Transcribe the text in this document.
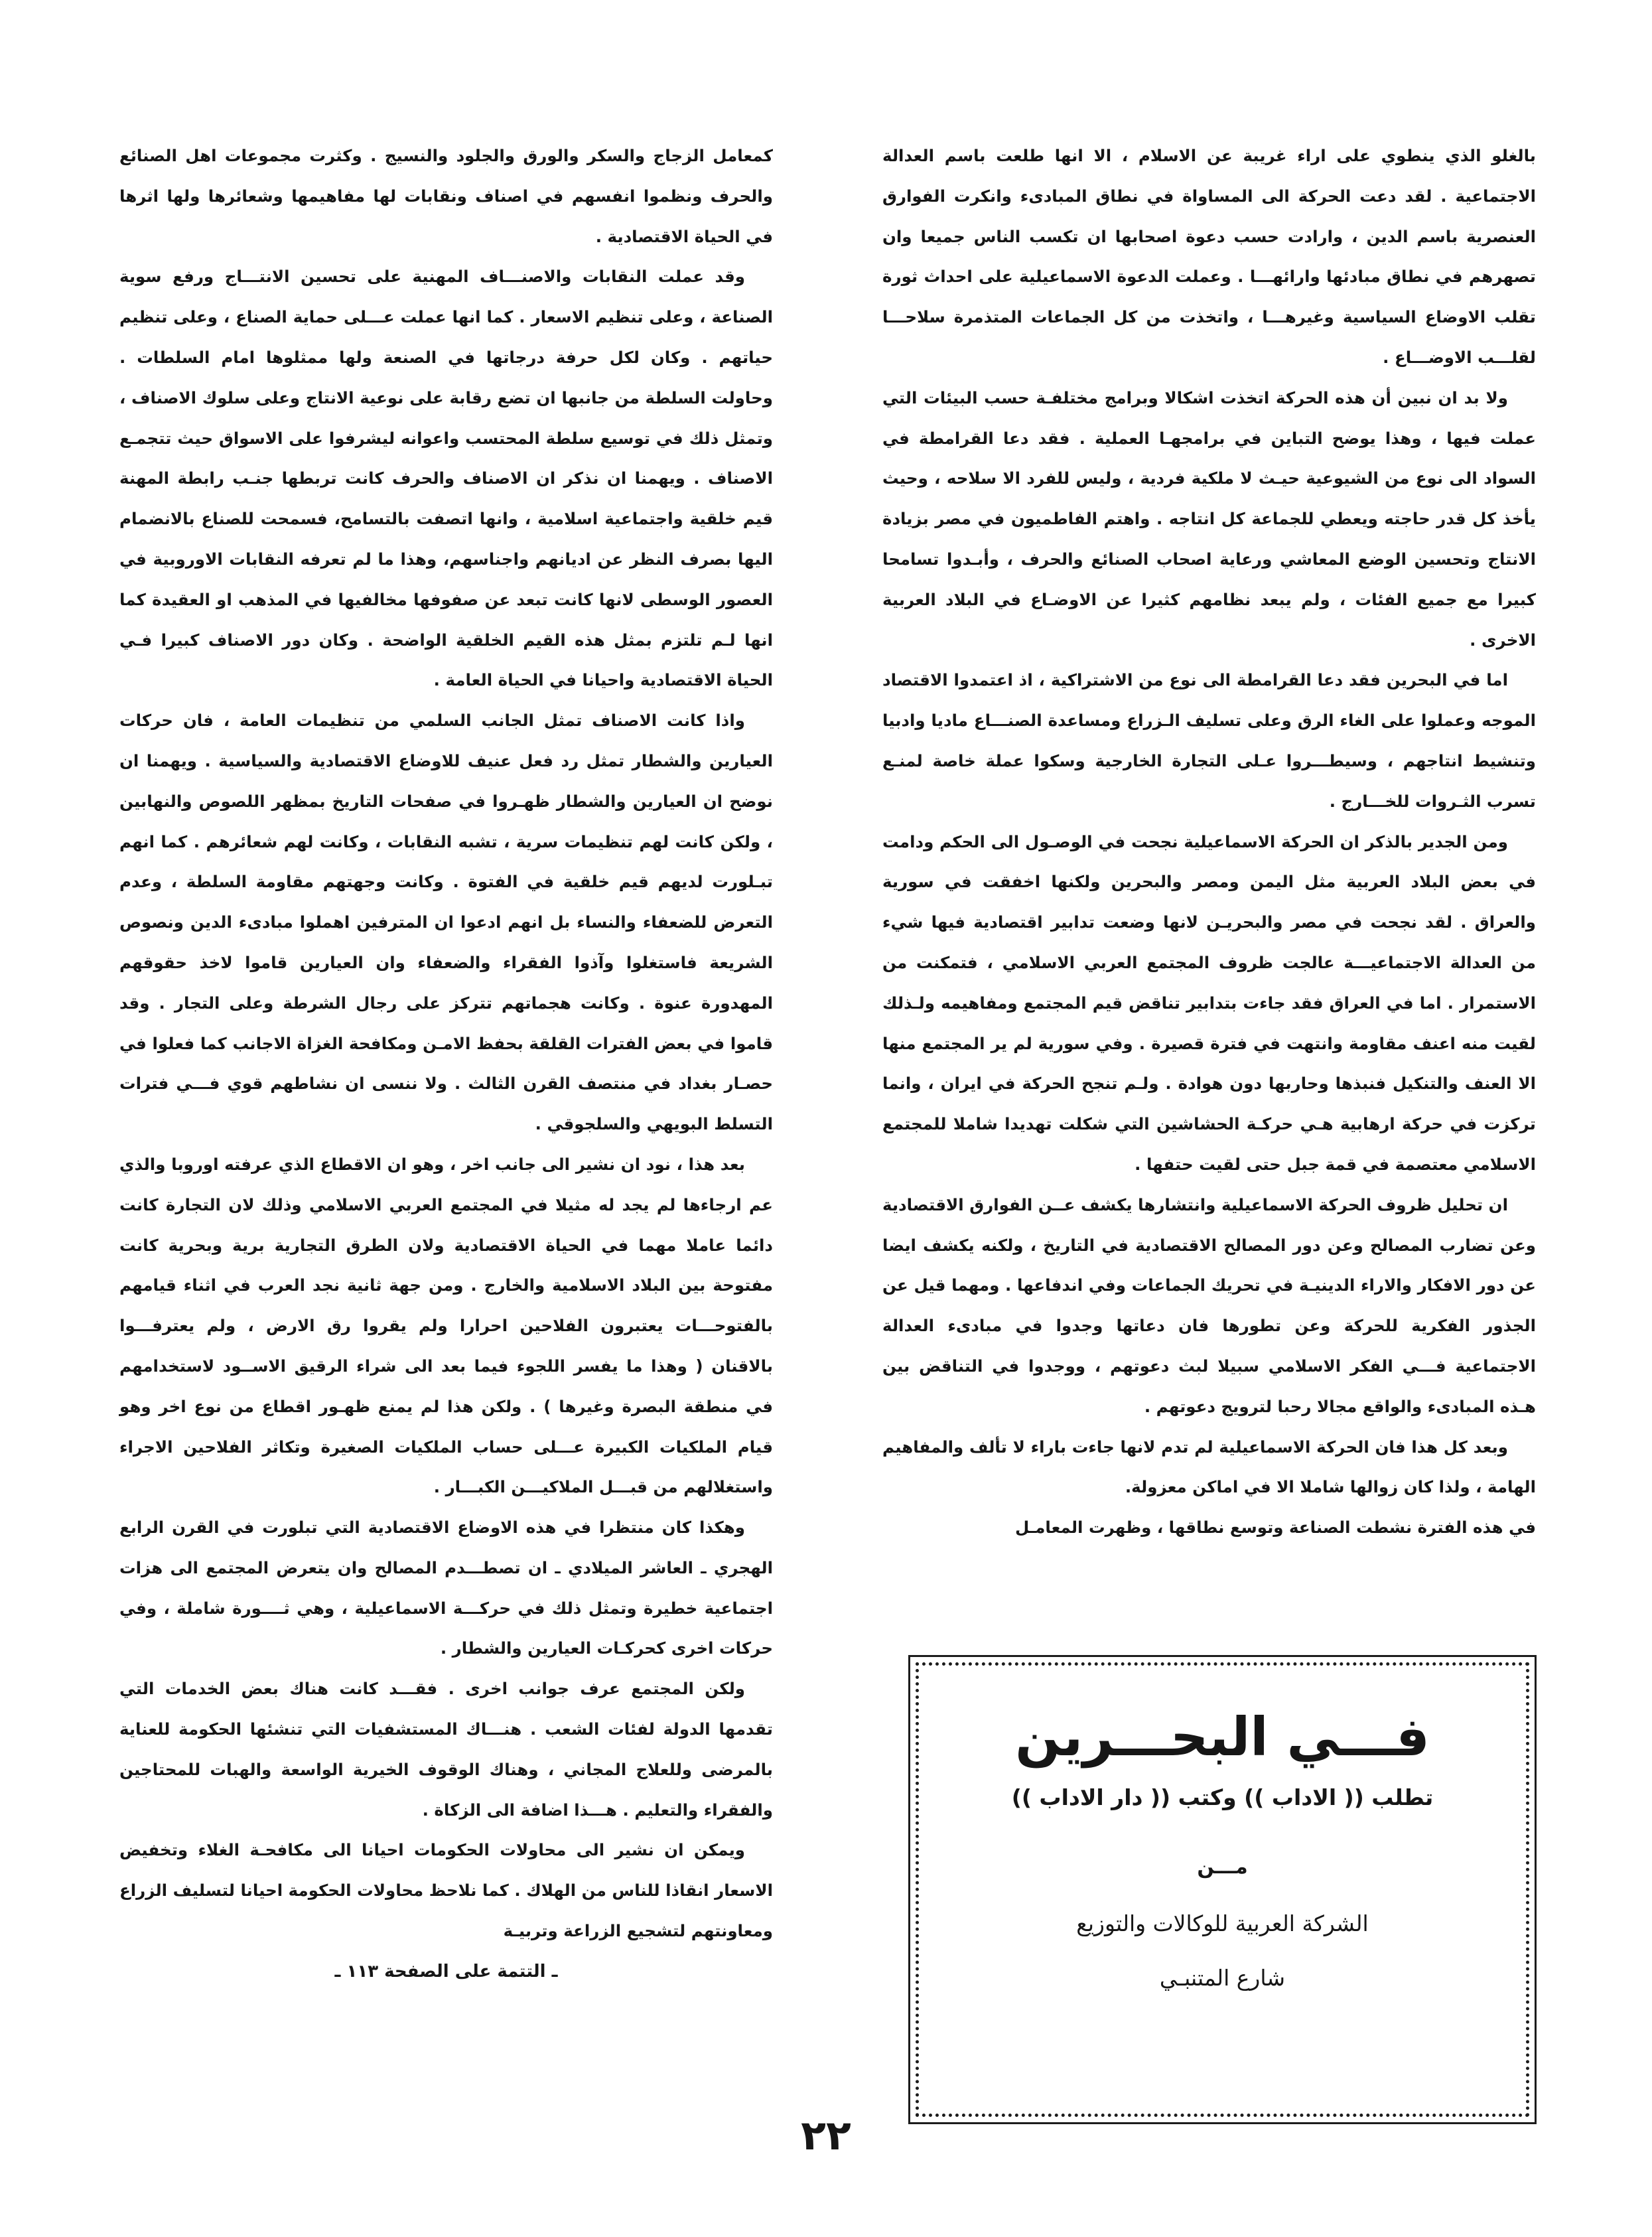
بالغلو الذي ينطوي على اراء غريبة عن الاسلام ، الا انها طلعت باسم العدالة الاجتماعية . لقد دعت الحركة الى المساواة في نطاق المبادىء وانكرت الفوارق العنصرية باسم الدين ، وارادت حسب دعوة اصحابها ان تكسب الناس جميعا وان تصهرهم في نطاق مبادئها وارائهـــا . وعملت الدعوة الاسماعيلية على احداث ثورة تقلب الاوضاع السياسية وغيرهـــا ، واتخذت من كل الجماعات المتذمرة سلاحـــا لقلـــب الاوضـــاع .

ولا بد ان نبين أن هذه الحركة اتخذت اشكالا وبرامج مختلفـة حسب البيئات التي عملت فيها ، وهذا يوضح التباين في برامجهـا العملية . فقد دعا القرامطة في السواد الى نوع من الشيوعية حيـث لا ملكية فردية ، وليس للفرد الا سلاحه ، وحيث يأخذ كل قدر حاجته ويعطي للجماعة كل انتاجه . واهتم الفاطميون في مصر بزيادة الانتاج وتحسين الوضع المعاشي ورعاية اصحاب الصنائع والحرف ، وأبـدوا تسامحا كبيرا مع جميع الفئات ، ولم يبعد نظامهم كثيرا عن الاوضـاع في البلاد العربية الاخرى .

اما في البحرين فقد دعا القرامطة الى نوع من الاشتراكية ، اذ اعتمدوا الاقتصاد الموجه وعملوا على الغاء الرق وعلى تسليف الـزراع ومساعدة الصنـــاع ماديا وادبيا وتنشيط انتاجهم ، وسيطـــروا عـلى التجارة الخارجية وسكوا عملة خاصة لمنـع تسرب الثـروات للخـــارج .

ومن الجدير بالذكر ان الحركة الاسماعيلية نجحت في الوصـول الى الحكم ودامت في بعض البلاد العربية مثل اليمن ومصر والبحرين ولكنها اخفقت في سورية والعراق . لقد نجحت في مصر والبحريـن لانها وضعت تدابير اقتصادية فيها شيء من العدالة الاجتماعيـــة عالجت ظروف المجتمع العربي الاسلامي ، فتمكنت من الاستمرار . اما في العراق فقد جاءت بتدابير تناقض قيم المجتمع ومفاهيمه ولـذلك لقيت منه اعنف مقاومة وانتهت في فترة قصيرة . وفي سورية لم ير المجتمع منها الا العنف والتنكيل فنبذها وحاربها دون هوادة . ولـم تنجح الحركة في ايران ، وانما تركزت في حركة ارهابية هـي حركـة الحشاشين التي شكلت تهديدا شاملا للمجتمع الاسلامي معتصمة في قمة جبل حتى لقيت حتفها .

ان تحليل ظروف الحركة الاسماعيلية وانتشارها يكشف عــن الفوارق الاقتصادية وعن تضارب المصالح وعن دور المصالح الاقتصادية في التاريخ ، ولكنه يكشف ايضا عن دور الافكار والاراء الدينيـة في تحريك الجماعات وفي اندفاعها . ومهما قيل عن الجذور الفكرية للحركة وعن تطورها فان دعاتها وجدوا في مبادىء العدالة الاجتماعية فـــي الفكر الاسلامي سبيلا لبث دعوتهم ، ووجدوا في التناقض بين هـذه المبادىء والواقع مجالا رحبا لترويج دعوتهم .

وبعد كل هذا فان الحركة الاسماعيلية لم تدم لانها جاءت باراء لا تألف والمفاهيم الهامة ، ولذا كان زوالها شاملا الا في اماكن معزولة.

في هذه الفترة نشطت الصناعة وتوسع نطاقها ، وظهرت المعامـل

كمعامل الزجاج والسكر والورق والجلود والنسيج . وكثرت مجموعات اهل الصنائع والحرف ونظموا انفسهم في اصناف ونقابات لها مفاهيمها وشعائرها ولها اثرها في الحياة الاقتصادية .

وقد عملت النقابات والاصنـــاف المهنية على تحسين الانتـــاج ورفع سوية الصناعة ، وعلى تنظيم الاسعار . كما انها عملت عـــلى حماية الصناع ، وعلى تنظيم حياتهم . وكان لكل حرفة درجاتها في الصنعة ولها ممثلوها امام السلطات . وحاولت السلطة من جانبها ان تضع رقابة على نوعية الانتاج وعلى سلوك الاصناف ، وتمثل ذلك في توسيع سلطة المحتسب واعوانه ليشرفوا على الاسواق حيث تتجمـع الاصناف . ويهمنا ان نذكر ان الاصناف والحرف كانت تربطها جنـب رابطة المهنة قيم خلقية واجتماعية اسلامية ، وانها اتصفت بالتسامح، فسمحت للصناع بالانضمام اليها بصرف النظر عن اديانهم واجناسهم، وهذا ما لم تعرفه النقابات الاوروبية في العصور الوسطى لانها كانت تبعد عن صفوفها مخالفيها في المذهب او العقيدة كما انها لـم تلتزم بمثل هذه القيم الخلقية الواضحة . وكان دور الاصناف كبيرا فـي الحياة الاقتصادية واحيانا في الحياة العامة .

واذا كانت الاصناف تمثل الجانب السلمي من تنظيمات العامة ، فان حركات العيارين والشطار تمثل رد فعل عنيف للاوضاع الاقتصادية والسياسية . ويهمنا ان نوضح ان العيارين والشطار ظهـروا في صفحات التاريخ بمظهر اللصوص والنهابين ، ولكن كانت لهم تنظيمات سرية ، تشبه النقابات ، وكانت لهم شعائرهم . كما انهم تبـلورت لديهم قيم خلقية في الفتوة . وكانت وجهتهم مقاومة السلطة ، وعدم التعرض للضعفاء والنساء بل انهم ادعوا ان المترفين اهملوا مبادىء الدين ونصوص الشريعة فاستغلوا وآذوا الفقراء والضعفاء وان العيارين قاموا لاخذ حقوقهم المهدورة عنوة . وكانت هجماتهم تتركز على رجال الشرطة وعلى التجار . وقد قاموا في بعض الفترات القلقة بحفظ الامـن ومكافحة الغزاة الاجانب كما فعلوا في حصـار بغداد في منتصف القرن الثالث . ولا ننسى ان نشاطهم قوي فـــي فترات التسلط البويهي والسلجوقي .

بعد هذا ، نود ان نشير الى جانب اخر ، وهو ان الاقطاع الذي عرفته اوروبا والذي عم ارجاءها لم يجد له مثيلا في المجتمع العربي الاسلامي وذلك لان التجارة كانت دائما عاملا مهما في الحياة الاقتصادية ولان الطرق التجارية برية وبحرية كانت مفتوحة بين البلاد الاسلامية والخارج . ومن جهة ثانية نجد العرب في اثناء قيامهم بالفتوحـــات يعتبرون الفلاحين احرارا ولم يقروا رق الارض ، ولم يعترفـــوا بالاقنان ( وهذا ما يفسر اللجوء فيما بعد الى شراء الرقيق الاســود لاستخدامهم في منطقة البصرة وغيرها ) . ولكن هذا لم يمنع ظهـور اقطاع من نوع اخر وهو قيام الملكيات الكبيرة عـــلى حساب الملكيات الصغيرة وتكاثر الفلاحين الاجراء واستغلالهم من قبـــل الملاكيـــن الكبـــار .

وهكذا كان منتظرا في هذه الاوضاع الاقتصادية التي تبلورت في القرن الرابع الهجري ـ العاشر الميلادي ـ ان تصطـــدم المصالح وان يتعرض المجتمع الى هزات اجتماعية خطيرة وتمثل ذلك في حركـــة الاسماعيلية ، وهي ثــــورة شاملة ، وفي حركات اخرى كحركـات العيارين والشطار .

ولكن المجتمع عرف جوانب اخرى . فقـــد كانت هناك بعض الخدمات التي تقدمها الدولة لفئات الشعب . هنـــاك المستشفيات التي تنشئها الحكومة للعناية بالمرضى وللعلاج المجاني ، وهناك الوقوف الخيرية الواسعة والهبات للمحتاجين والفقراء والتعليم . هـــذا اضافة الى الزكاة .

ويمكن ان نشير الى محاولات الحكومات احيانا الى مكافحـة الغلاء وتخفيض الاسعار انقاذا للناس من الهلاك . كما نلاحظ محاولات الحكومة احيانا لتسليف الزراع ومعاونتهم لتشجيع الزراعة وتربيـة

ـ التتمة على الصفحة ١١٣ ـ
فـــي البحـــرين
تطلب (( الاداب )) وكتب (( دار الاداب ))
مـــن
الشركة العربية للوكالات والتوزيع
شارع المتنبـي
٢٢
